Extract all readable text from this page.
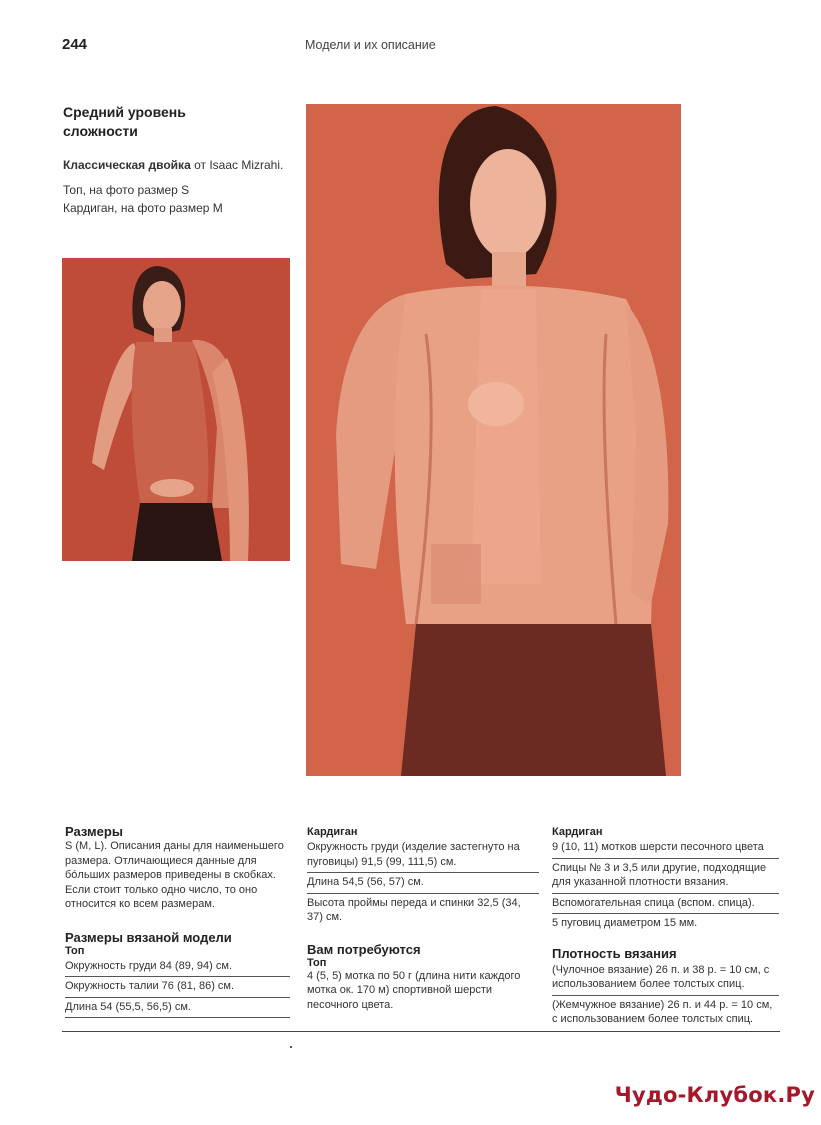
244	Модели и их описание
Средний уровень сложности
Классическая двойка от Isaac Mizrahi.
Топ, на фото размер S
Кардиган, на фото размер M
Размеры
S (M, L). Описания даны для наименьшего размера. Отличающиеся данные для бóльших размеров приведены в скобках. Если стоит только одно число, то оно относится ко всем размерам.
Размеры вязаной модели
Топ
Окружность груди 84 (89, 94) см.
Окружность талии 76 (81, 86) см.
Длина 54 (55,5, 56,5) см.
Кардиган
Окружность груди (изделие застегнуто на пуговицы) 91,5 (99, 111,5) см.
Длина 54,5 (56, 57) см.
Высота проймы переда и спинки 32,5 (34, 37) см.
Вам потребуются
Топ
4 (5, 5) мотка по 50 г (длина нити каждого мотка ок. 170 м) спортивной шерсти песочного цвета.
Кардиган
9 (10, 11) мотков шерсти песочного цвета
Спицы № 3 и 3,5 или другие, подходящие для указанной плотности вязания.
Вспомогательная спица (вспом. спица).
5 пуговиц диаметром 15 мм.
Плотность вязания
(Чулочное вязание) 26 п. и 38 р. = 10 см, с использованием более толстых спиц.
(Жемчужное вязание) 26 п. и 44 р. = 10 см, с использованием более толстых спиц.
Чудо-Клубок.Ру
